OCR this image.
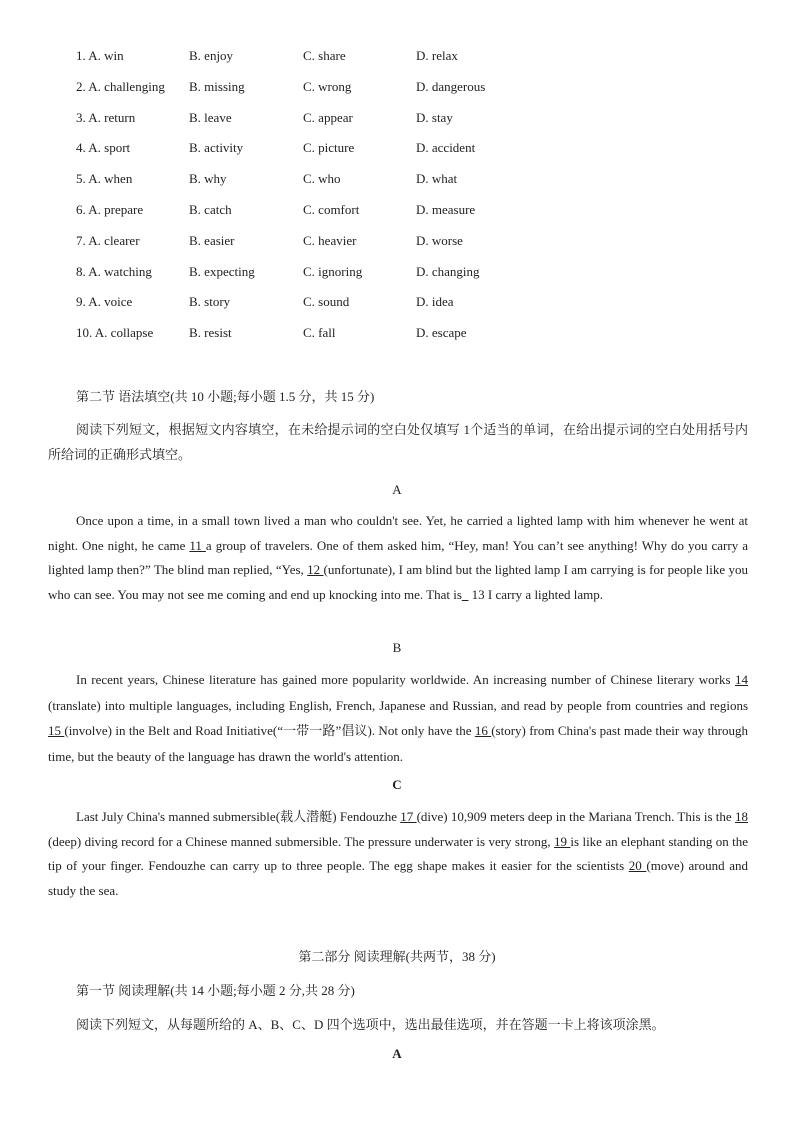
1. A. win	B. enjoy	C. share	D. relax
2. A. challenging B. missing	C. wrong	D. dangerous
3. A. return	B. leave	C. appear	D. stay
4. A. sport	B. activity	C. picture	D. accident
5. A. when	B. why	C. who	D. what
6. A. prepare	B. catch	C. comfort	D. measure
7. A. clearer	B. easier	C. heavier	D. worse
8. A. watching	B. expecting	C. ignoring	D. changing
9. A. voice	B. story	C. sound	D. idea
10. A. collapse	B. resist	C. fall	D. escape
第二节 语法填空(共 10 小题;每小题 1.5 分，共 15 分)

阅读下列短文，根据短文内容填空，在未给提示词的空白处仅填写 1个适当的单词，在给出提示词的空白处用括号内所给词的正确形式填空。

A

Once upon a time, in a small town lived a man who couldn't see. Yet, he carried a lighted lamp with him whenever he went at night. One night, he came 11 a group of travelers. One of them asked him, “Hey, man! You can’t see anything! Why do you carry a lighted lamp then?” The blind man replied, “Yes, 12 (unfortunate), I am blind but the lighted lamp I am carrying is for people like you who can see. You may not see me coming and end up knocking into me. That is_ 13 I carry a lighted lamp.

B

In recent years, Chinese literature has gained more popularity worldwide. An increasing number of Chinese literary works 14 (translate) into multiple languages, including English, French, Japanese and Russian, and read by people from countries and regions 15 (involve) in the Belt and Road Initiative(“一带一路”倡议). Not only have the 16 (story) from China's past made their way through time, but the beauty of the language has drawn the world's attention.

C

Last July China's manned submersible(载人潜艇) Fendouzhe 17 (dive) 10,909 meters deep in the Mariana Trench. This is the 18 (deep) diving record for a Chinese manned submersible. The pressure underwater is very strong, 19 is like an elephant standing on the tip of your finger. Fendouzhe can carry up to three people. The egg shape makes it easier for the scientists 20 (move) around and study the sea.

第二部分 阅读理解(共两节，38 分)
第一节 阅读理解(共 14 小题;每小题 2 分,共 28 分)
阅读下列短文，从每题所给的 A、B、C、D 四个选项中，选出最佳选项，并在答题一卡上将该项涂黑。
A
